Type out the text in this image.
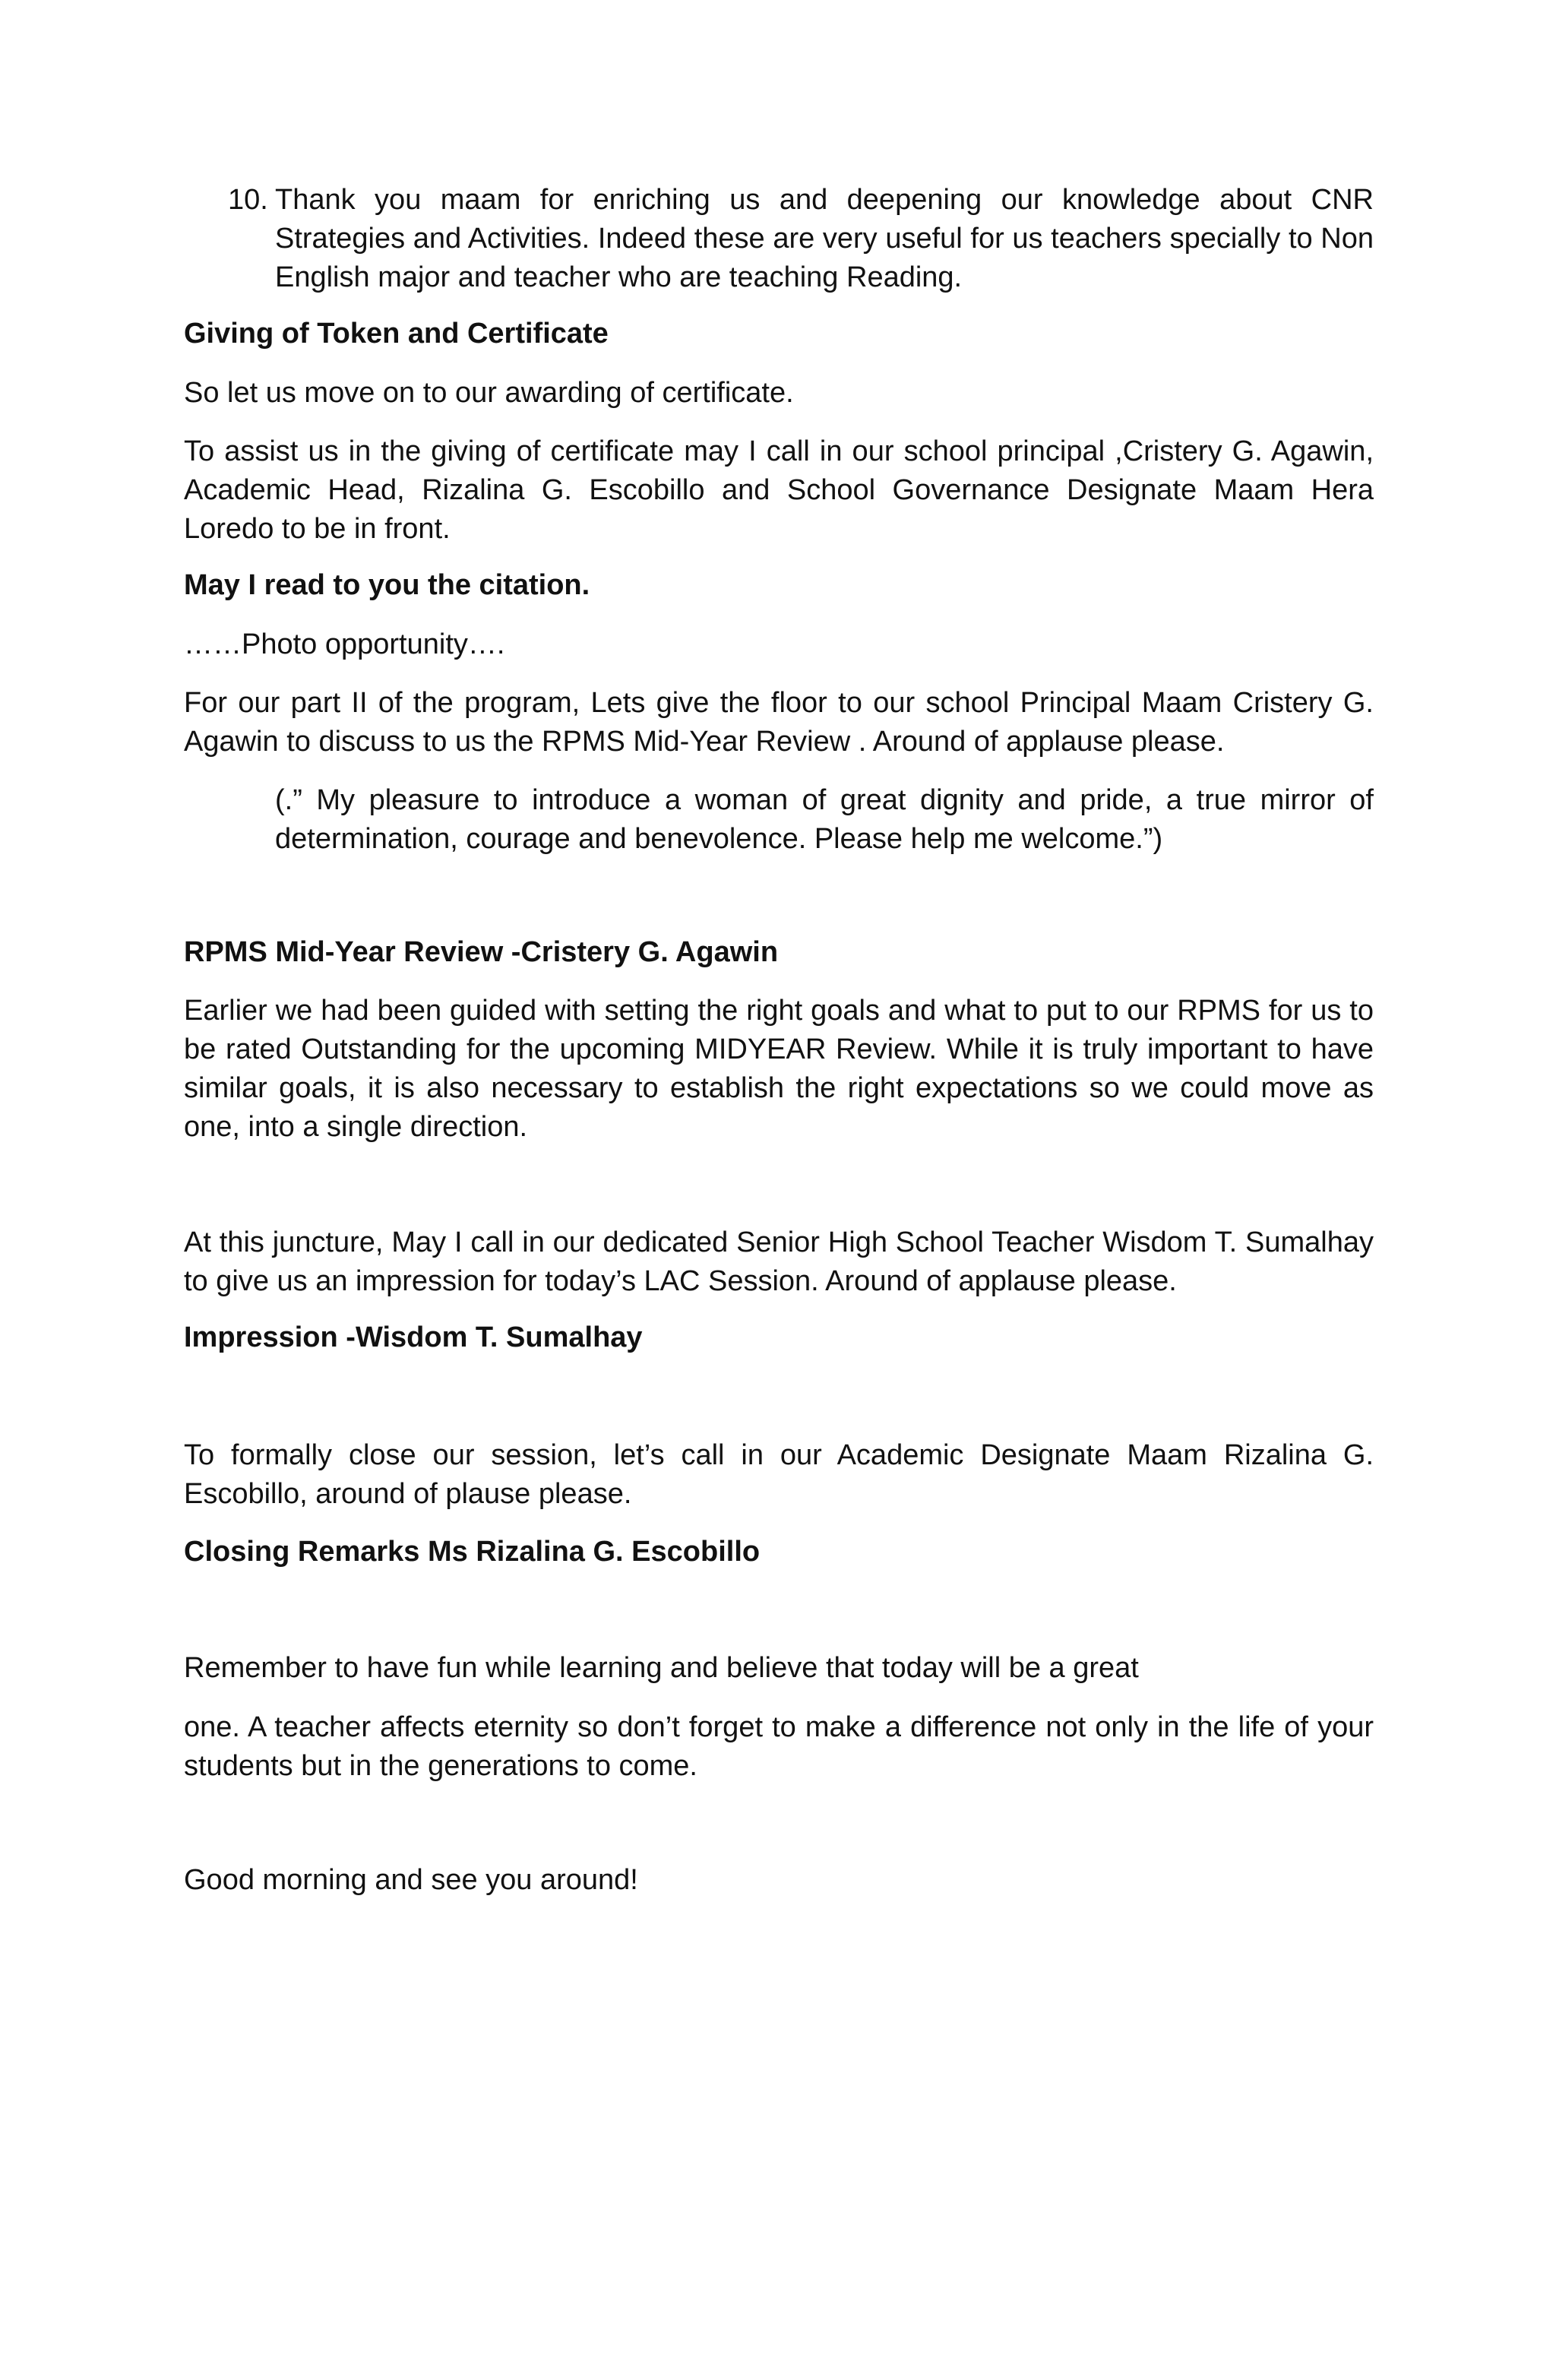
10. Thank you maam for enriching us and deepening our knowledge about CNR Strategies and Activities. Indeed these are very useful for us teachers specially to Non English major and teacher who are teaching Reading.

Giving of Token and Certificate

So let us move on to our awarding of certificate.

To assist us in the giving of certificate may I call in our school principal ,Cristery G. Agawin, Academic Head, Rizalina G. Escobillo and School Governance Designate Maam Hera Loredo to be in front.

May I read to you the citation.

……Photo opportunity….

For our part II of the program, Lets give the floor to our school Principal Maam Cristery G. Agawin to discuss to us the RPMS Mid-Year Review . Around of applause please.

(.” My pleasure to introduce a woman of great dignity and pride, a true mirror of determination, courage and benevolence. Please help me welcome.”)

RPMS Mid-Year Review -Cristery G. Agawin

Earlier we had been guided with setting the right goals and what to put to our RPMS for us to be rated Outstanding for the upcoming MIDYEAR Review. While it is truly important to have similar goals, it is also necessary to establish the right expectations so we could move as one, into a single direction.

At this juncture, May I call in our dedicated Senior High School Teacher Wisdom T. Sumalhay to give us an impression for today’s LAC Session. Around of applause please.

Impression -Wisdom T. Sumalhay

To formally close our session, let’s call in our Academic Designate Maam Rizalina G. Escobillo, around of plause please.

Closing Remarks Ms Rizalina G. Escobillo

Remember to have fun while learning and believe that today will be a great

one. A teacher affects eternity so don’t forget to make a difference not only in the life of your students but in the generations to come.

Good morning and see you around!
